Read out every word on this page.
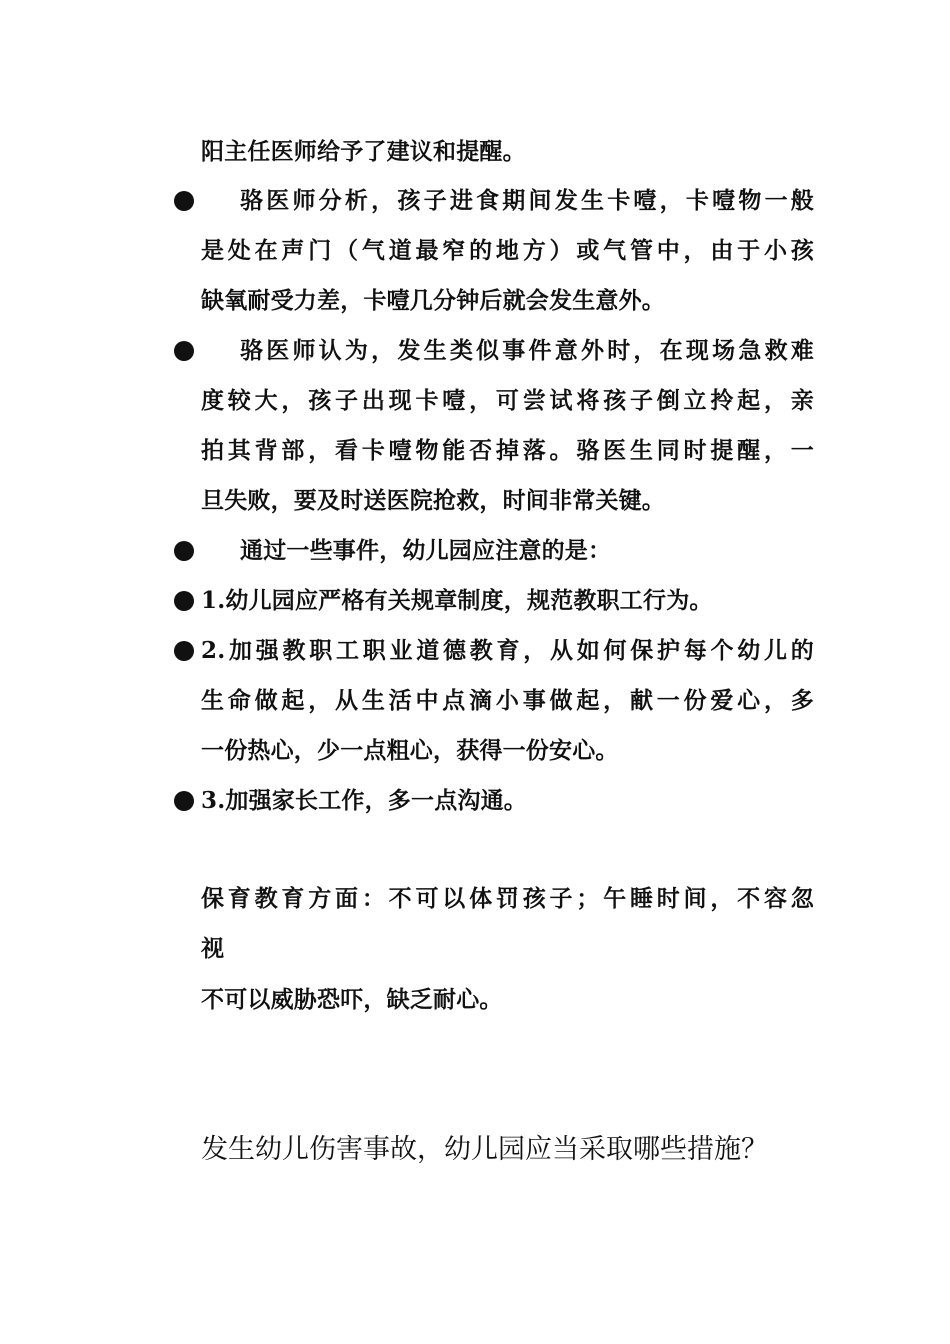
阳主任医师给予了建议和提醒。
骆医师分析，孩子进食期间发生卡噎，卡噎物一般
是处在声门（气道最窄的地方）或气管中，由于小孩
缺氧耐受力差，卡噎几分钟后就会发生意外。
骆医师认为，发生类似事件意外时，在现场急救难
度较大，孩子出现卡噎，可尝试将孩子倒立拎起，亲
拍其背部，看卡噎物能否掉落。骆医生同时提醒，一
旦失败，要及时送医院抢救，时间非常关键。
通过一些事件，幼儿园应注意的是：
1.幼儿园应严格有关规章制度，规范教职工行为。
2.加强教职工职业道德教育，从如何保护每个幼儿的
生命做起，从生活中点滴小事做起，献一份爱心，多
一份热心，少一点粗心，获得一份安心。
3.加强家长工作，多一点沟通。
保育教育方面：不可以体罚孩子；午睡时间，不容忽
视
不可以威胁恐吓，缺乏耐心。
发生幼儿伤害事故，幼儿园应当采取哪些措施？
